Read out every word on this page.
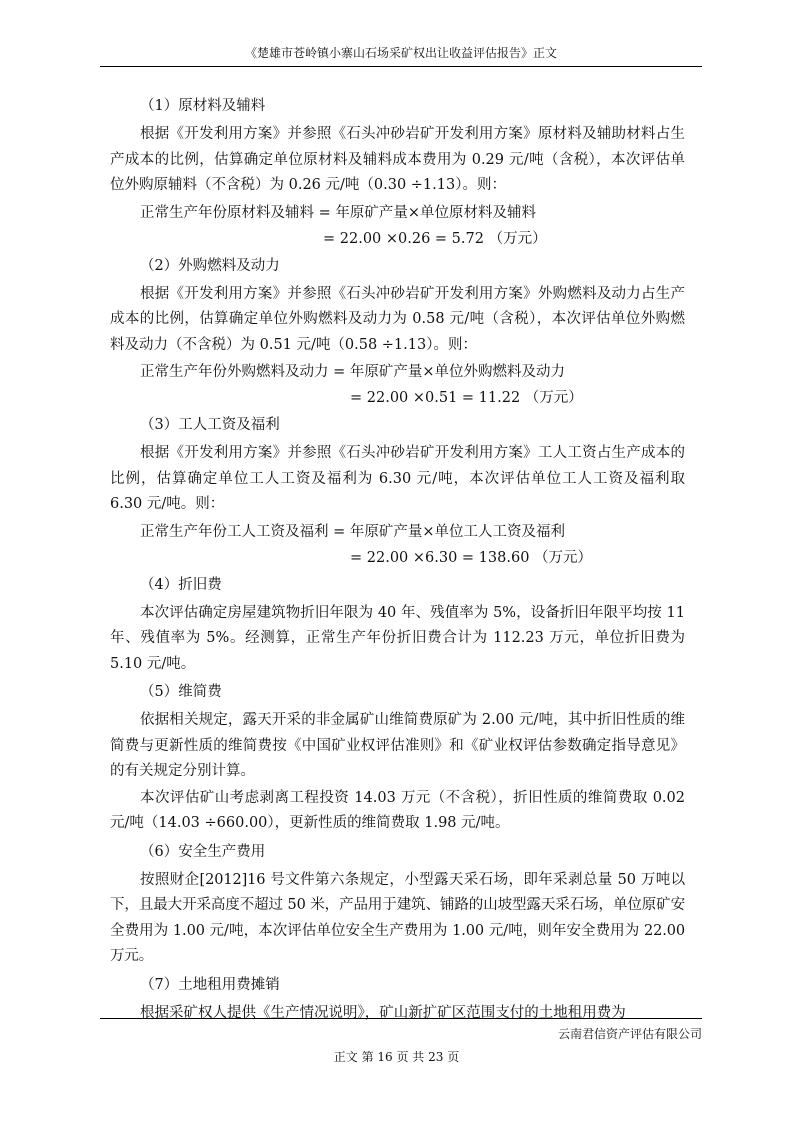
《楚雄市苍岭镇小寨山石场采矿权出让收益评估报告》正文

（1）原材料及辅料

根据《开发利用方案》并参照《石头冲砂岩矿开发利用方案》原材料及辅助材料占生产成本的比例，估算确定单位原材料及辅料成本费用为 0.29 元/吨（含税），本次评估单位外购原辅料（不含税）为 0.26 元/吨（0.30 ÷1.13）。则：

正常生产年份原材料及辅料 = 年原矿产量×单位原材料及辅料

= 22.00 ×0.26 = 5.72 （万元）

（2）外购燃料及动力

根据《开发利用方案》并参照《石头冲砂岩矿开发利用方案》外购燃料及动力占生产成本的比例，估算确定单位外购燃料及动力为 0.58 元/吨（含税），本次评估单位外购燃料及动力（不含税）为 0.51 元/吨（0.58 ÷1.13）。则：

正常生产年份外购燃料及动力 = 年原矿产量×单位外购燃料及动力

= 22.00 ×0.51 = 11.22 （万元）

（3）工人工资及福利

根据《开发利用方案》并参照《石头冲砂岩矿开发利用方案》工人工资占生产成本的比例，估算确定单位工人工资及福利为 6.30 元/吨，本次评估单位工人工资及福利取 6.30 元/吨。则：

正常生产年份工人工资及福利 = 年原矿产量×单位工人工资及福利

= 22.00 ×6.30 = 138.60 （万元）

（4）折旧费

本次评估确定房屋建筑物折旧年限为 40 年、残值率为 5%，设备折旧年限平均按 11 年、残值率为 5%。经测算，正常生产年份折旧费合计为 112.23 万元，单位折旧费为 5.10 元/吨。

（5）维简费

依据相关规定，露天开采的非金属矿山维简费原矿为 2.00 元/吨，其中折旧性质的维简费与更新性质的维简费按《中国矿业权评估准则》和《矿业权评估参数确定指导意见》的有关规定分别计算。

本次评估矿山考虑剥离工程投资 14.03 万元（不含税），折旧性质的维简费取 0.02 元/吨（14.03 ÷660.00），更新性质的维简费取 1.98 元/吨。

（6）安全生产费用

按照财企[2012]16 号文件第六条规定，小型露天采石场，即年采剥总量 50 万吨以下，且最大开采高度不超过 50 米，产品用于建筑、铺路的山坡型露天采石场，单位原矿安全费用为 1.00 元/吨，本次评估单位安全生产费用为 1.00 元/吨，则年安全费用为 22.00 万元。

（7）土地租用费摊销

根据采矿权人提供《生产情况说明》，矿山新扩矿区范围支付的土地租用费为

云南君信资产评估有限公司
正文 第 16 页 共 23 页
